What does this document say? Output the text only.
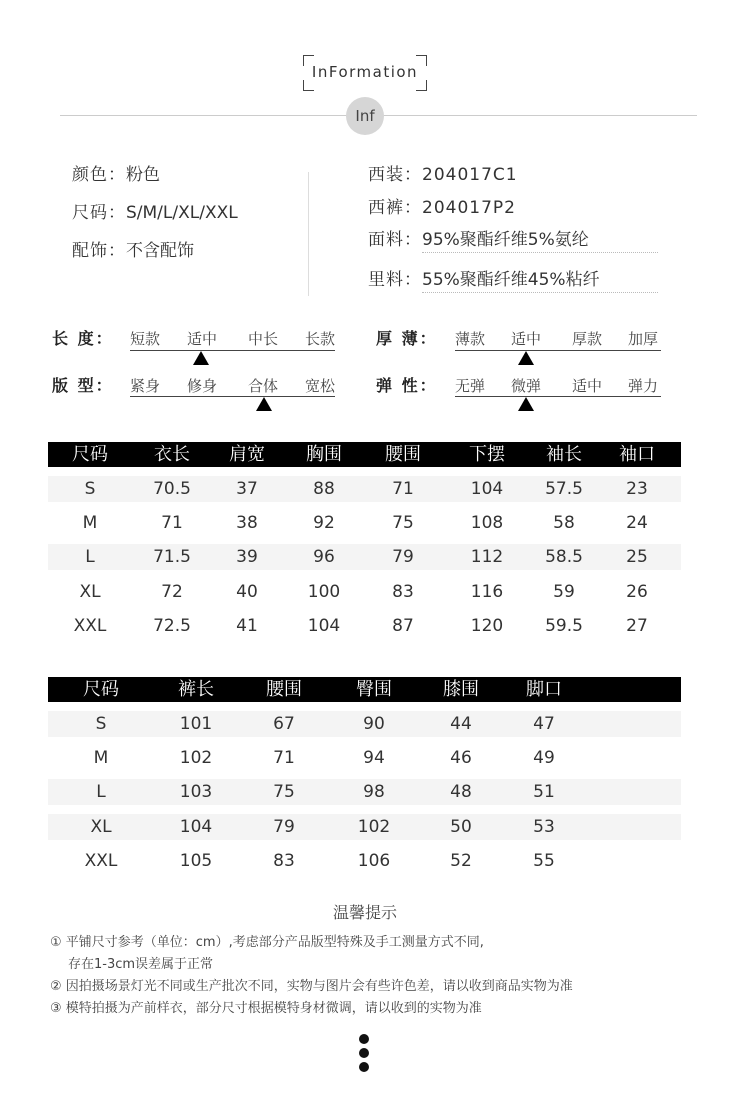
InFormation
Inf
颜色：粉色
尺码：S/M/L/XL/XXL
配饰：不含配饰
西装：204017C1
西裤：204017P2
面料：95%聚酯纤维5%氨纶
里料：55%聚酯纤维45%粘纤
长 度： 短款 适中 中长 长款	厚 薄： 薄款 适中 厚款 加厚
版 型： 紧身 修身 合体 宽松	弹 性： 无弹 微弹 适中 弹力
尺码	衣长 肩宽 胸围 腰围	下摆 袖长 袖口
S	70.5	37	88	71	104 57.5	23
M	71	38	92	75	108	58	24
L	71.5	39	96	79	112 58.5	25
XL	72	40	100	83	116	59	26
XXL	72.5	41	104	87	120 59.5	27
尺码	裤长	腰围	臀围	膝围	脚口
S	101	67	90	44	47
M	102	71	94	46	49
L	103	75	98	48	51
XL	104	79	102	50	53
XXL	105	83	106	52	55
温馨提示
① 平铺尺寸参考（单位：cm）,考虑部分产品版型特殊及手工测量方式不同,
存在1-3cm误差属于正常
② 因拍摄场景灯光不同或生产批次不同，实物与图片会有些许色差，请以收到商品实物为准
③ 模特拍摄为产前样衣，部分尺寸根据模特身材微调，请以收到的实物为准
